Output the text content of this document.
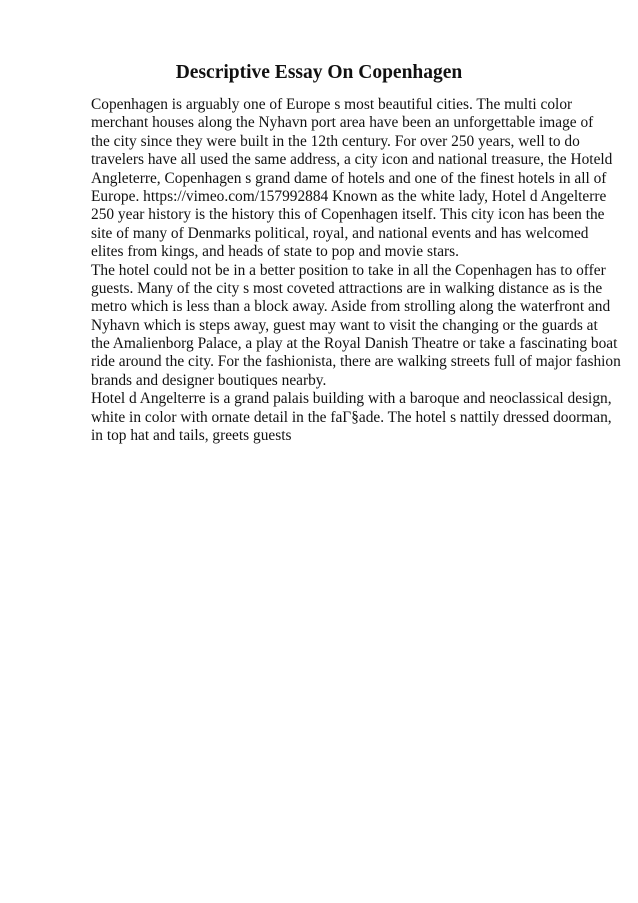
Descriptive Essay On Copenhagen
Copenhagen is arguably one of Europe s most beautiful cities. The multi color
merchant houses along the Nyhavn port area have been an unforgettable image of
the city since they were built in the 12th century. For over 250 years, well to do
travelers have all used the same address, a city icon and national treasure, the Hoteld
Angleterre, Copenhagen s grand dame of hotels and one of the finest hotels in all of
Europe. https://vimeo.com/157992884 Known as the white lady, Hotel d Angelterre
250 year history is the history this of Copenhagen itself. This city icon has been the
site of many of Denmarks political, royal, and national events and has welcomed
elites from kings, and heads of state to pop and movie stars.
The hotel could not be in a better position to take in all the Copenhagen has to offer
guests. Many of the city s most coveted attractions are in walking distance as is the
metro which is less than a block away. Aside from strolling along the waterfront and
Nyhavn which is steps away, guest may want to visit the changing or the guards at
the Amalienborg Palace, a play at the Royal Danish Theatre or take a fascinating boat
ride around the city. For the fashionista, there are walking streets full of major fashion
brands and designer boutiques nearby.
Hotel d Angelterre is a grand palais building with a baroque and neoclassical design,
white in color with ornate detail in the faΓ§ade. The hotel s nattily dressed doorman,
in top hat and tails, greets guests
